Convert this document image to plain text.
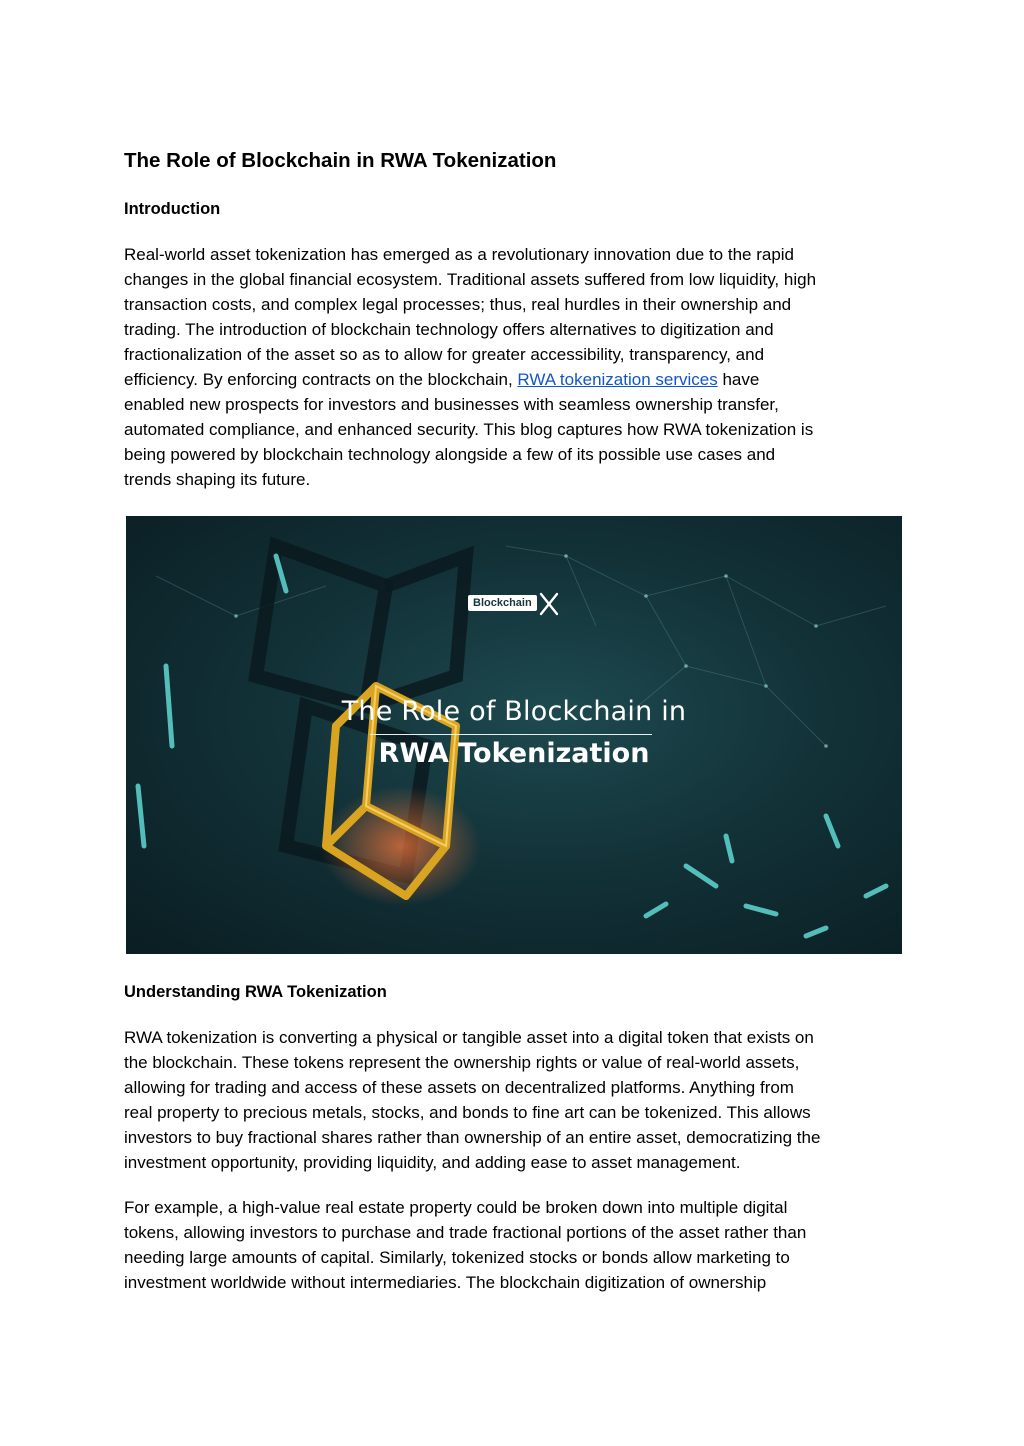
The Role of Blockchain in RWA Tokenization
Introduction

Real-world asset tokenization has emerged as a revolutionary innovation due to the rapid
changes in the global financial ecosystem. Traditional assets suffered from low liquidity, high
transaction costs, and complex legal processes; thus, real hurdles in their ownership and
trading. The introduction of blockchain technology offers alternatives to digitization and
fractionalization of the asset so as to allow for greater accessibility, transparency, and
efficiency. By enforcing contracts on the blockchain, RWA tokenization services have
enabled new prospects for investors and businesses with seamless ownership transfer,
automated compliance, and enhanced security. This blog captures how RWA tokenization is
being powered by blockchain technology alongside a few of its possible use cases and
trends shaping its future.

Blockchain
The Role of Blockchain in
RWA Tokenization
Understanding RWA Tokenization

RWA tokenization is converting a physical or tangible asset into a digital token that exists on
the blockchain. These tokens represent the ownership rights or value of real-world assets,
allowing for trading and access of these assets on decentralized platforms. Anything from
real property to precious metals, stocks, and bonds to fine art can be tokenized. This allows
investors to buy fractional shares rather than ownership of an entire asset, democratizing the
investment opportunity, providing liquidity, and adding ease to asset management.

For example, a high-value real estate property could be broken down into multiple digital
tokens, allowing investors to purchase and trade fractional portions of the asset rather than
needing large amounts of capital. Similarly, tokenized stocks or bonds allow marketing to
investment worldwide without intermediaries. The blockchain digitization of ownership
